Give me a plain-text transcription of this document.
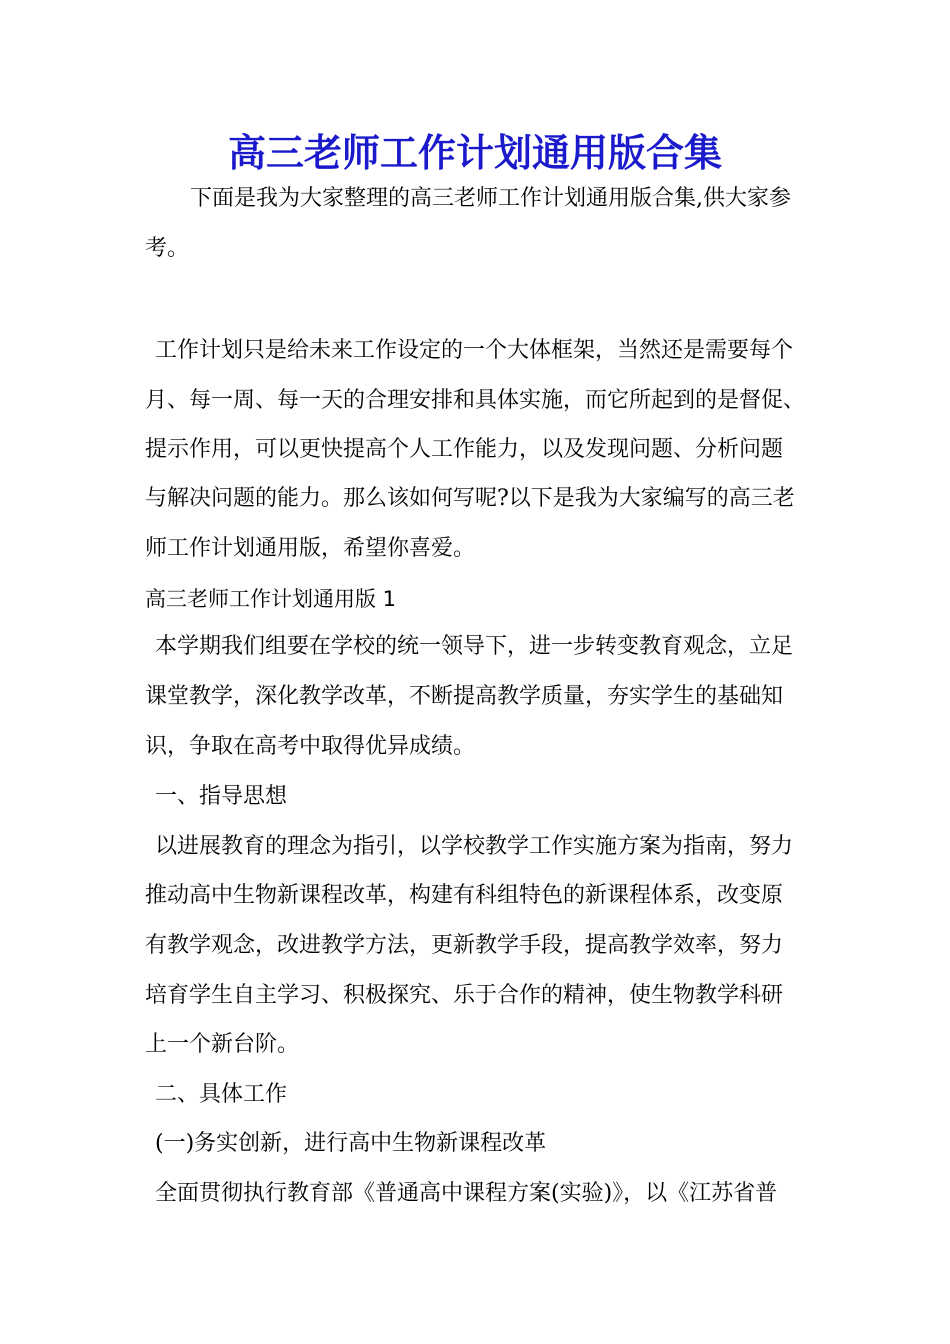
高三老师工作计划通用版合集
下面是我为大家整理的高三老师工作计划通用版合集,供大家参
考。
工作计划只是给未来工作设定的一个大体框架，当然还是需要每个
月、每一周、每一天的合理安排和具体实施，而它所起到的是督促、
提示作用，可以更快提高个人工作能力，以及发现问题、分析问题
与解决问题的能力。那么该如何写呢?以下是我为大家编写的高三老
师工作计划通用版，希望你喜爱。
高三老师工作计划通用版 1
本学期我们组要在学校的统一领导下，进一步转变教育观念，立足
课堂教学，深化教学改革，不断提高教学质量，夯实学生的基础知
识，争取在高考中取得优异成绩。
一、指导思想
以进展教育的理念为指引，以学校教学工作实施方案为指南，努力
推动高中生物新课程改革，构建有科组特色的新课程体系，改变原
有教学观念，改进教学方法，更新教学手段，提高教学效率，努力
培育学生自主学习、积极探究、乐于合作的精神，使生物教学科研
上一个新台阶。
二、具体工作
(一)务实创新，进行高中生物新课程改革
全面贯彻执行教育部《普通高中课程方案(实验)》，以《江苏省普
